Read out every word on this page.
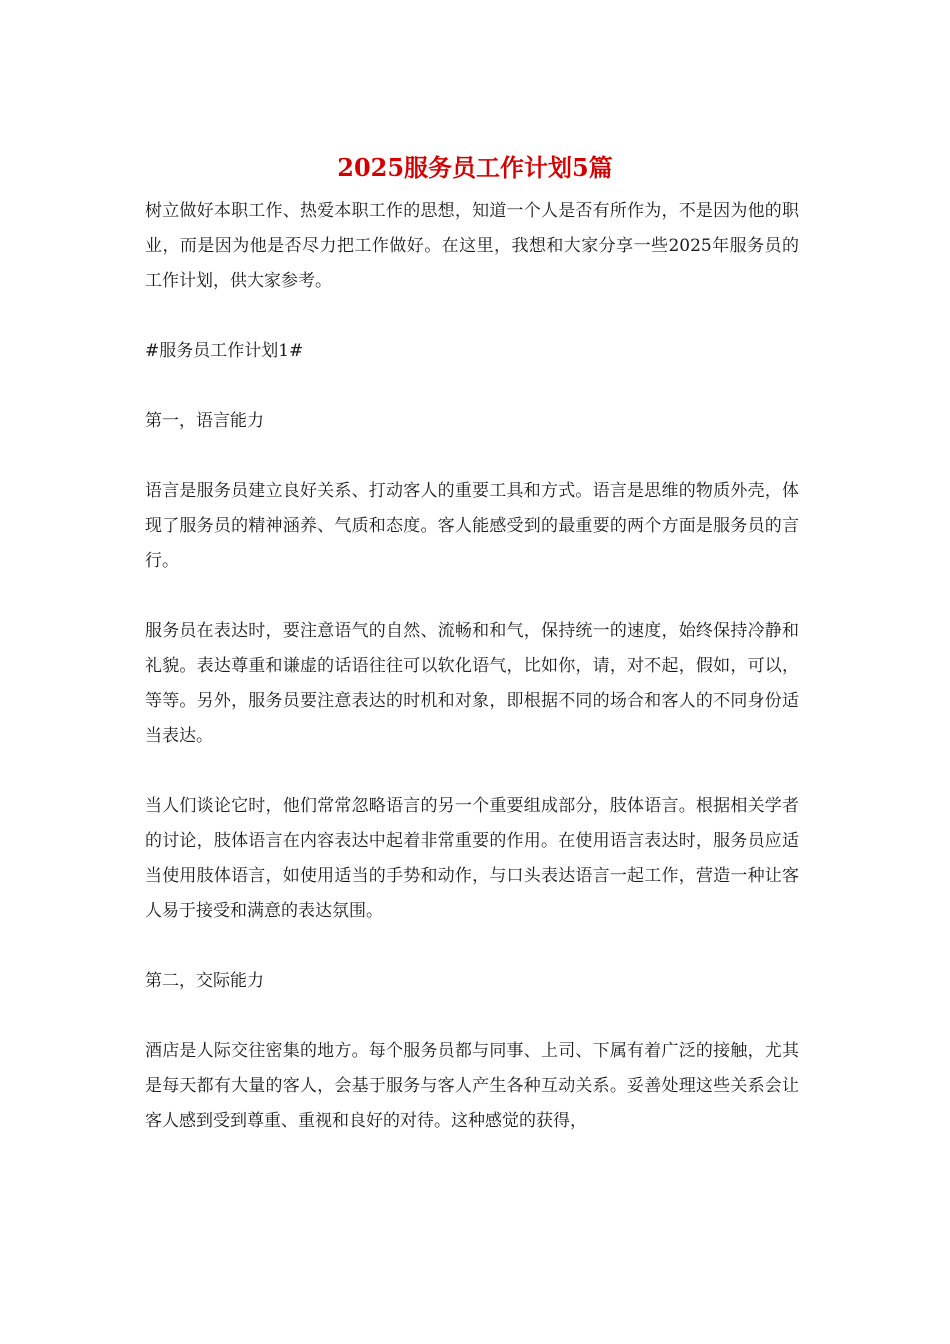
2025服务员工作计划5篇

树立做好本职工作、热爱本职工作的思想，知道一个人是否有所作为，不是因为他的职业，而是因为他是否尽力把工作做好。在这里，我想和大家分享一些2025年服务员的工作计划，供大家参考。

#服务员工作计划1#

第一，语言能力

语言是服务员建立良好关系、打动客人的重要工具和方式。语言是思维的物质外壳，体现了服务员的精神涵养、气质和态度。客人能感受到的最重要的两个方面是服务员的言行。

服务员在表达时，要注意语气的自然、流畅和和气，保持统一的速度，始终保持冷静和礼貌。表达尊重和谦虚的话语往往可以软化语气，比如你，请，对不起，假如，可以，等等。另外，服务员要注意表达的时机和对象，即根据不同的场合和客人的不同身份适当表达。

当人们谈论它时，他们常常忽略语言的另一个重要组成部分，肢体语言。根据相关学者的讨论，肢体语言在内容表达中起着非常重要的作用。在使用语言表达时，服务员应适当使用肢体语言，如使用适当的手势和动作，与口头表达语言一起工作，营造一种让客人易于接受和满意的表达氛围。

第二，交际能力

酒店是人际交往密集的地方。每个服务员都与同事、上司、下属有着广泛的接触，尤其是每天都有大量的客人，会基于服务与客人产生各种互动关系。妥善处理这些关系会让客人感到受到尊重、重视和良好的对待。这种感觉的获得，
